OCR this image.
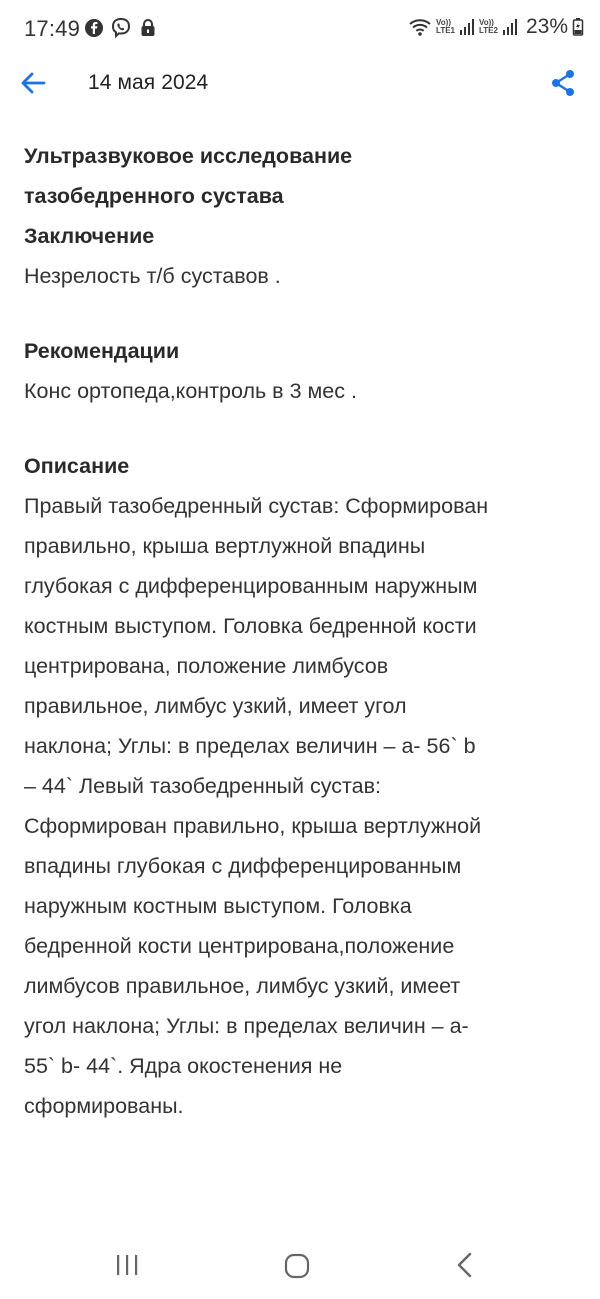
17:49	Vo))
LTE1
Vo))
LTE2 23%
14 мая 2024
Ультразвуковое исследование
тазобедренного сустава
Заключение
Незрелость т/б суставов .
Рекомендации
Конс ортопеда,контроль в 3 мес .
Описание
Правый тазобедренный сустав: Сформирован
правильно, крыша вертлужной впадины
глубокая с дифференцированным наружным
костным выступом. Головка бедренной кости
центрирована, положение лимбусов
правильное, лимбус узкий, имеет угол
наклона; Углы: в пределах величин – a- 56` b
– 44` Левый тазобедренный сустав:
Сформирован правильно, крыша вертлужной
впадины глубокая с дифференцированным
наружным костным выступом. Головка
бедренной кости центрирована,положение
лимбусов правильное, лимбус узкий, имеет
угол наклона; Углы: в пределах величин – a-
55` b- 44`. Ядра окостенения не
сформированы.
